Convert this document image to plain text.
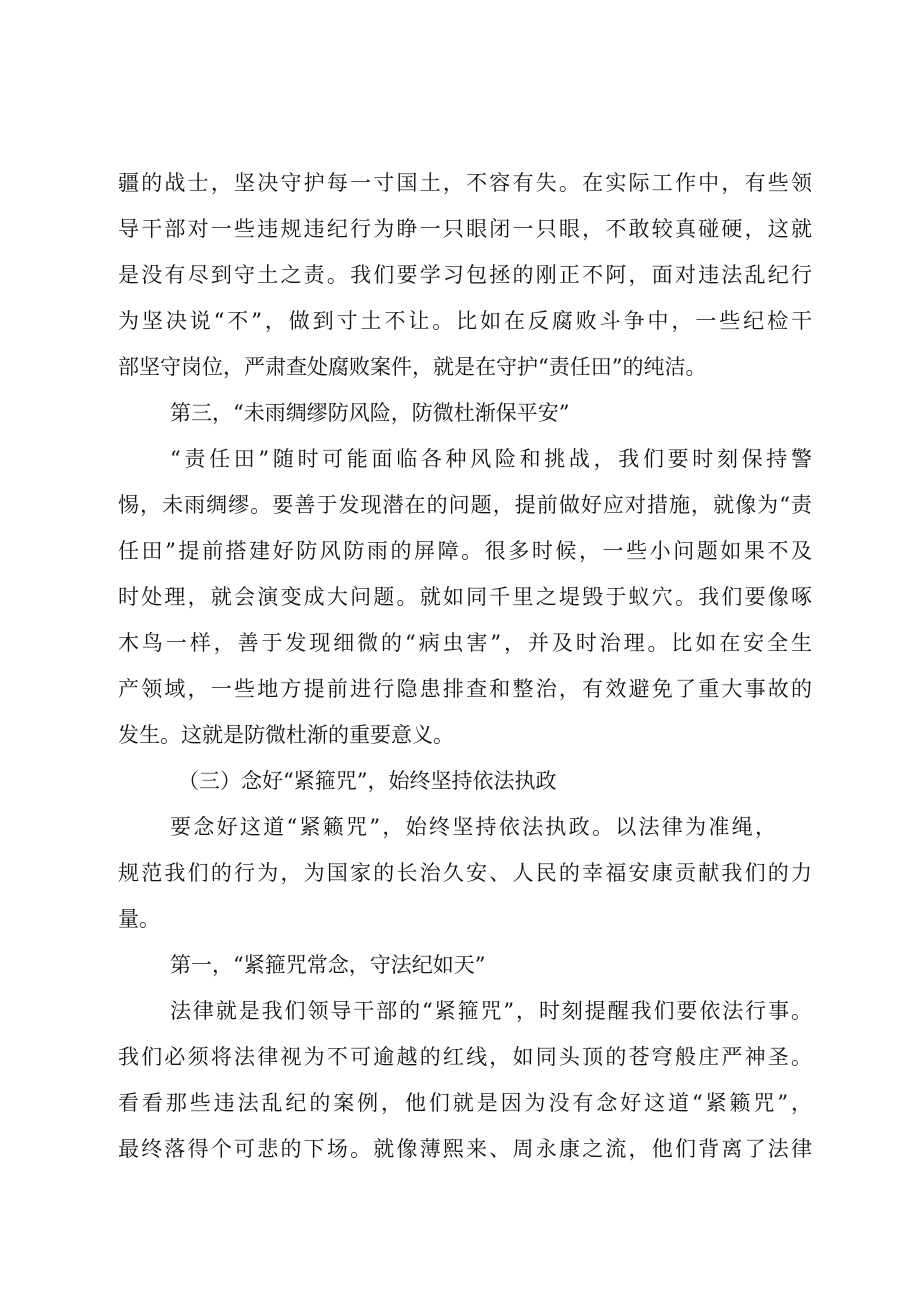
疆的战士，坚决守护每一寸国土，不容有失。在实际工作中，有些领
导干部对一些违规违纪行为睁一只眼闭一只眼，不敢较真碰硬，这就
是没有尽到守土之责。我们要学习包拯的刚正不阿，面对违法乱纪行
为坚决说“不”，做到寸土不让。比如在反腐败斗争中，一些纪检干
部坚守岗位，严肃查处腐败案件，就是在守护“责任田”的纯洁。
第三，“未雨绸缪防风险，防微杜渐保平安”
“责任田”随时可能面临各种风险和挑战，我们要时刻保持警
惕，未雨绸缪。要善于发现潜在的问题，提前做好应对措施，就像为“责
任田”提前搭建好防风防雨的屏障。很多时候，一些小问题如果不及
时处理，就会演变成大问题。就如同千里之堤毁于蚁穴。我们要像啄
木鸟一样，善于发现细微的“病虫害”，并及时治理。比如在安全生
产领域，一些地方提前进行隐患排查和整治，有效避免了重大事故的
发生。这就是防微杜渐的重要意义。
（三）念好“紧箍咒”，始终坚持依法执政
要念好这道“紧籁咒”，始终坚持依法执政。以法律为准绳，
规范我们的行为，为国家的长治久安、人民的幸福安康贡献我们的力
量。
第一，“紧箍咒常念，守法纪如天”
法律就是我们领导干部的“紧箍咒”，时刻提醒我们要依法行事。
我们必须将法律视为不可逾越的红线，如同头顶的苍穹般庄严神圣。
看看那些违法乱纪的案例，他们就是因为没有念好这道“紧籁咒”，
最终落得个可悲的下场。就像薄熙来、周永康之流，他们背离了法律
